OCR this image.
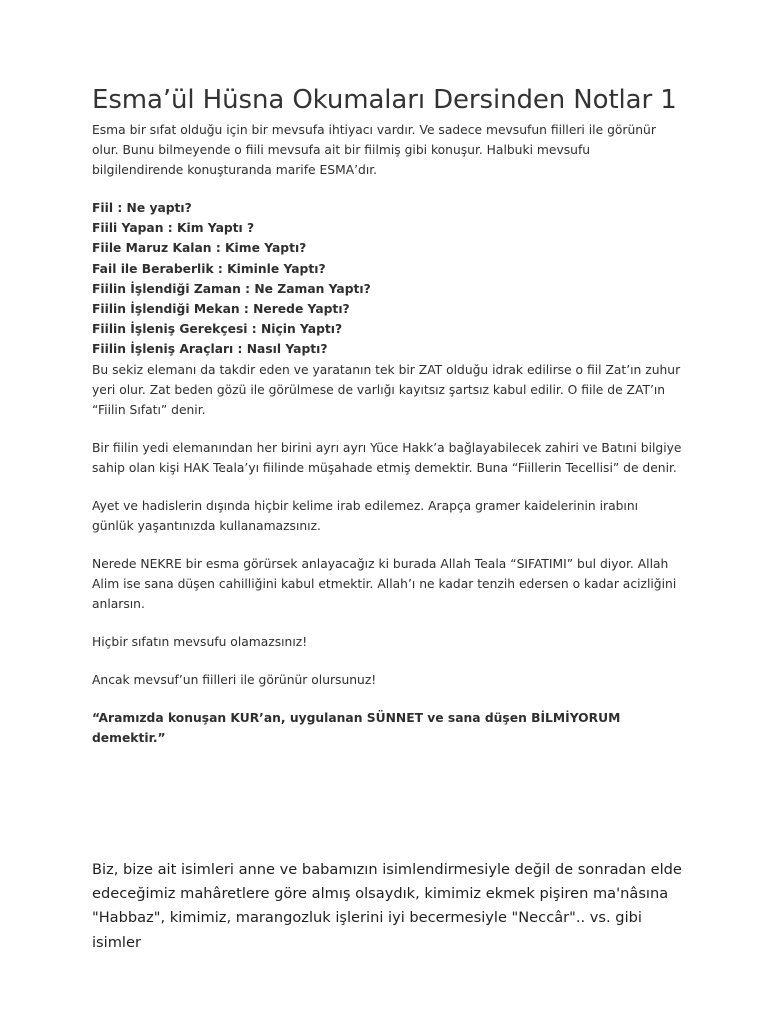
Esma’ül Hüsna Okumaları Dersinden Notlar 1

Esma bir sıfat olduğu için bir mevsufa ihtiyacı vardır. Ve sadece mevsufun fiilleri ile görünür olur. Bunu bilmeyende o fiili mevsufa ait bir fiilmiş gibi konuşur. Halbuki mevsufu bilgilendirende konuşturanda marife ESMA’dır.

Fiil : Ne yaptı?
Fiili Yapan : Kim Yaptı ?
Fiile Maruz Kalan : Kime Yaptı?
Fail ile Beraberlik : Kiminle Yaptı?
Fiilin İşlendiği Zaman : Ne Zaman Yaptı?
Fiilin İşlendiği Mekan : Nerede Yaptı?
Fiilin İşleniş Gerekçesi : Niçin Yaptı?
Fiilin İşleniş Araçları : Nasıl Yaptı?

Bu sekiz elemanı da takdir eden ve yaratanın tek bir ZAT olduğu idrak edilirse o fiil Zat’ın zuhur yeri olur. Zat beden gözü ile görülmese de varlığı kayıtsız şartsız kabul edilir. O fiile de ZAT’ın “Fiilin Sıfatı” denir.

Bir fiilin yedi elemanından her birini ayrı ayrı Yüce Hakk’a bağlayabilecek zahiri ve Batıni bilgiye sahip olan kişi HAK Teala’yı fiilinde müşahade etmiş demektir. Buna “Fiillerin Tecellisi” de denir.

Ayet ve hadislerin dışında hiçbir kelime irab edilemez. Arapça gramer kaidelerinin irabını günlük yaşantınızda kullanamazsınız.

Nerede NEKRE bir esma görürsek anlayacağız ki burada Allah Teala “SIFATIMI” bul diyor. Allah Alim ise sana düşen cahilliğini kabul etmektir. Allah’ı ne kadar tenzih edersen o kadar acizliğini anlarsın.

Hiçbir sıfatın mevsufu olamazsınız!

Ancak mevsuf’un fiilleri ile görünür olursunuz!

“Aramızda konuşan KUR’an, uygulanan SÜNNET ve sana düşen BİLMİYORUM demektir.”

Biz, bize ait isimleri anne ve babamızın isimlendirmesiyle değil de sonradan elde edeceğimiz mahâretlere göre almış olsaydık, kimimiz ekmek pişiren ma'nâsına "Habbaz", kimimiz, marangozluk işlerini iyi becermesiyle "Neccâr".. vs. gibi isimler
